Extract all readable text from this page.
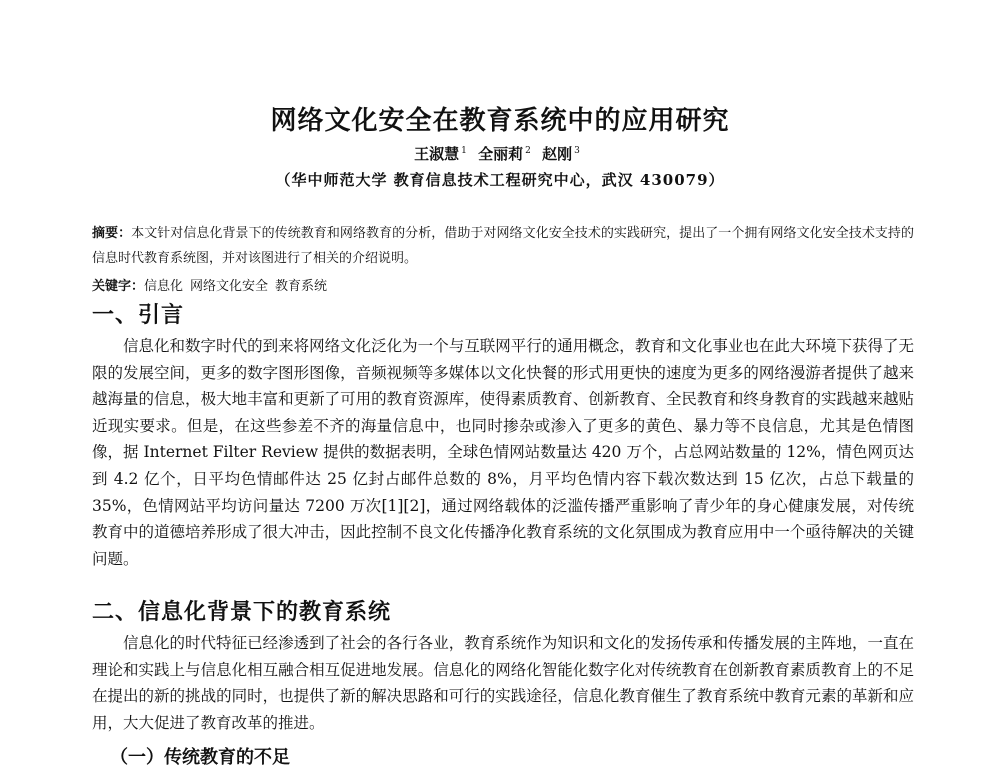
网络文化安全在教育系统中的应用研究

王淑慧 $^1$ 全丽莉 $^2$ 赵刚 $^3$

（华中师范大学 教育信息技术工程研究中心，武汉 430079）

摘要：本文针对信息化背景下的传统教育和网络教育的分析，借助于对网络文化安全技术的实践研究，提出了一个拥有网络文化安全技术支持的信息时代教育系统图，并对该图进行了相关的介绍说明。

关键字：信息化 网络文化安全 教育系统

一、引言

信息化和数字时代的到来将网络文化泛化为一个与互联网平行的通用概念，教育和文化事业也在此大环境下获得了无限的发展空间，更多的数字图形图像，音频视频等多媒体以文化快餐的形式用更快的速度为更多的网络漫游者提供了越来越海量的信息，极大地丰富和更新了可用的教育资源库，使得素质教育、创新教育、全民教育和终身教育的实践越来越贴近现实要求。但是，在这些参差不齐的海量信息中，也同时掺杂或渗入了更多的黄色、暴力等不良信息，尤其是色情图像，据 Internet Filter Review 提供的数据表明，全球色情网站数量达 420 万个，占总网站数量的 12%，情色网页达到 4.2 亿个，日平均色情邮件达 25 亿封占邮件总数的 8%，月平均色情内容下载次数达到 15 亿次，占总下载量的 35%，色情网站平均访问量达 7200 万次[1][2]，通过网络载体的泛滥传播严重影响了青少年的身心健康发展，对传统教育中的道德培养形成了很大冲击，因此控制不良文化传播净化教育系统的文化氛围成为教育应用中一个亟待解决的关键问题。

二、信息化背景下的教育系统

信息化的时代特征已经渗透到了社会的各行各业，教育系统作为知识和文化的发扬传承和传播发展的主阵地，一直在理论和实践上与信息化相互融合相互促进地发展。信息化的网络化智能化数字化对传统教育在创新教育素质教育上的不足在提出的新的挑战的同时，也提供了新的解决思路和可行的实践途径，信息化教育催生了教育系统中教育元素的革新和应用，大大促进了教育改革的推进。

（一）传统教育的不足
